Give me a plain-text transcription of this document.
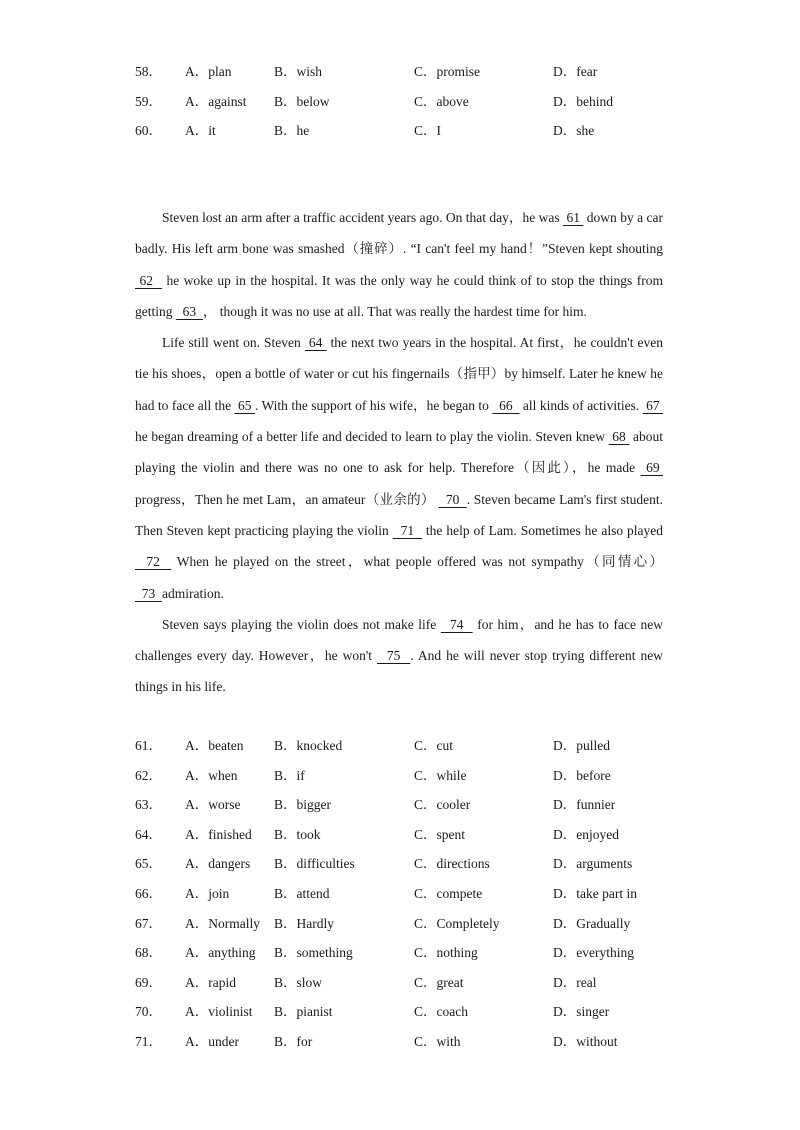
58． A．plan	B．wish	C．promise	D．fear
59． A．against B．below	C．above	D．behind
60． A．it	B．he	C．I	D．she

Steven lost an arm after a traffic accident years ago. On that day，he was  61  down by a car badly. His left arm bone was smashed（撞碎）. “I can't feel my hand！”Steven kept shouting  62   he woke up in the hospital. It was the only way he could think of to stop the things from getting   63  ， though it was no use at all. That was really the hardest time for him.

Life still went on. Steven  64  the next two years in the hospital. At first，he couldn't even tie his shoes，open a bottle of water or cut his fingernails（指甲）by himself. Later he knew he had to face all the  65 . With the support of his wife，he began to   66   all kinds of activities.  67  he began dreaming of a better life and decided to learn to play the violin. Steven knew  68  about playing the violin and there was no one to ask for help. Therefore（因此），he made  69  progress，Then he met Lam，an amateur（业余的）   70  . Steven became Lam's first student. Then Steven kept practicing playing the violin   71   the help of Lam. Sometimes he also played   72   When he played on the street，what people offered was not sympathy（同情心）  73  admiration.

Steven says playing the violin does not make life   74   for him，and he has to face new challenges every day. However，he won't   75  . And he will never stop trying different new things in his life.

61． A．beaten B．knocked	C．cut	D．pulled
62． A．when	B．if	C．while	D．before
63． A．worse B．bigger	C．cooler	D．funnier
64． A．finished B．took	C．spent	D．enjoyed
65． A．dangers B．difficulties	C．directions	D．arguments
66． A．join	B．attend	C．compete	D．take part in
67． A．Normally B．Hardly	C．Completely	D．Gradually
68． A．anything B．something	C．nothing	D．everything
69． A．rapid	B．slow	C．great	D．real
70． A．violinist B．pianist	C．coach	D．singer
71． A．under	B．for	C．with	D．without
